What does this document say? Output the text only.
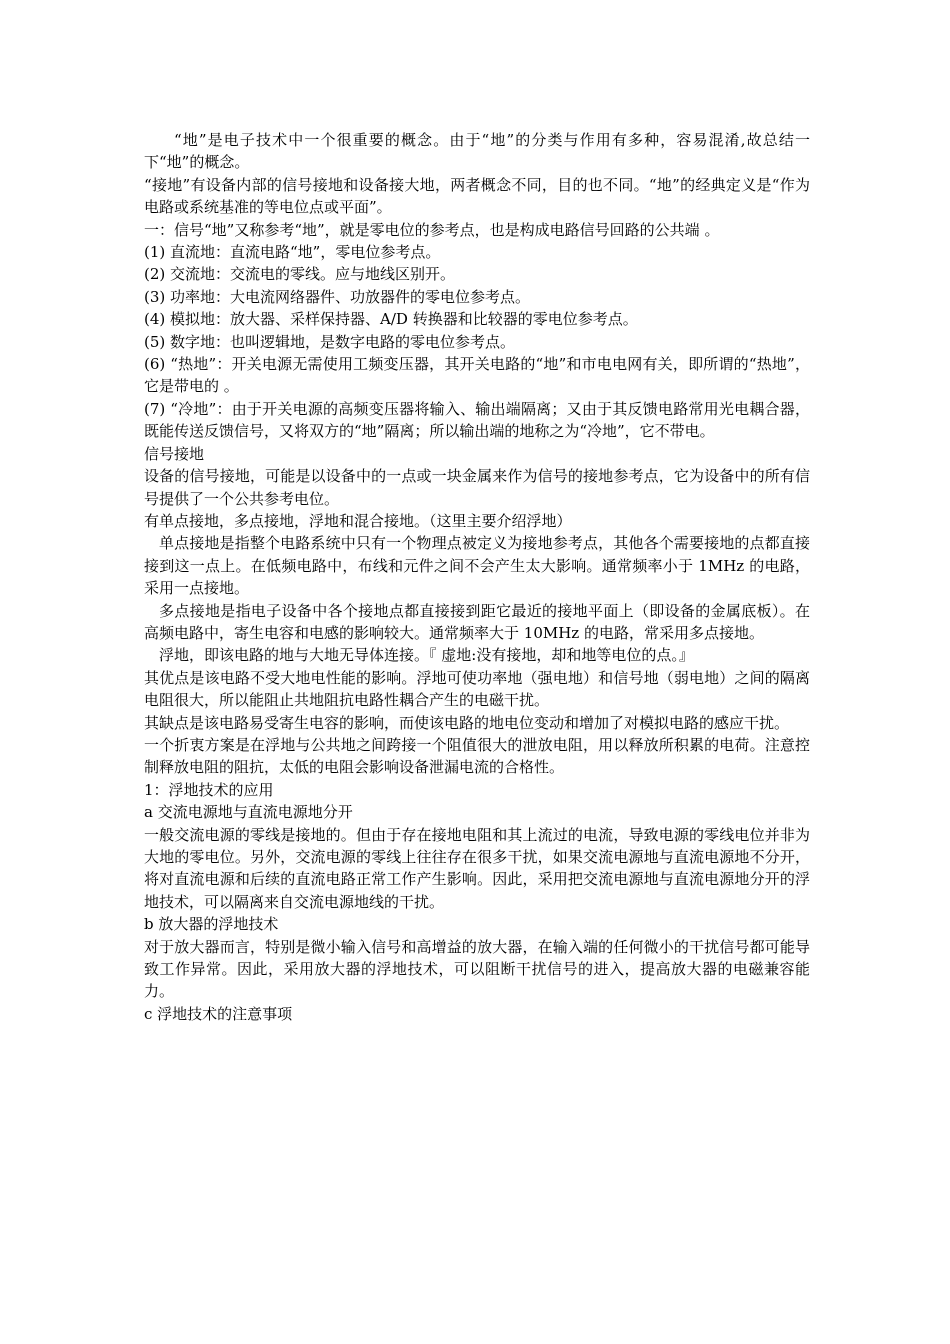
“地”是电子技术中一个很重要的概念。由于“地”的分类与作用有多种，容易混淆,故总结一下“地”的概念。

“接地”有设备内部的信号接地和设备接大地，两者概念不同，目的也不同。“地”的经典定义是“作为电路或系统基准的等电位点或平面”。

一：信号“地”又称参考“地”，就是零电位的参考点，也是构成电路信号回路的公共端 。

(1) 直流地：直流电路“地”，零电位参考点。

(2) 交流地：交流电的零线。应与地线区别开。

(3) 功率地：大电流网络器件、功放器件的零电位参考点。

(4) 模拟地：放大器、采样保持器、A/D 转换器和比较器的零电位参考点。

(5) 数字地：也叫逻辑地，是数字电路的零电位参考点。

(6) “热地”：开关电源无需使用工频变压器，其开关电路的“地”和市电电网有关，即所谓的“热地”，它是带电的 。

(7) “冷地”：由于开关电源的高频变压器将输入、输出端隔离；又由于其反馈电路常用光电耦合器，既能传送反馈信号，又将双方的“地”隔离；所以输出端的地称之为“冷地”，它不带电。

信号接地

设备的信号接地，可能是以设备中的一点或一块金属来作为信号的接地参考点，它为设备中的所有信号提供了一个公共参考电位。

有单点接地，多点接地，浮地和混合接地。（这里主要介绍浮地）

单点接地是指整个电路系统中只有一个物理点被定义为接地参考点，其他各个需要接地的点都直接接到这一点上。在低频电路中，布线和元件之间不会产生太大影响。通常频率小于 1MHz 的电路，采用一点接地。

多点接地是指电子设备中各个接地点都直接接到距它最近的接地平面上（即设备的金属底板）。在高频电路中，寄生电容和电感的影响较大。通常频率大于 10MHz 的电路，常采用多点接地。

浮地，即该电路的地与大地无导体连接。『 虚地:没有接地，却和地等电位的点。』

其优点是该电路不受大地电性能的影响。浮地可使功率地（强电地）和信号地（弱电地）之间的隔离电阻很大，所以能阻止共地阻抗电路性耦合产生的电磁干扰。

其缺点是该电路易受寄生电容的影响，而使该电路的地电位变动和增加了对模拟电路的感应干扰。

一个折衷方案是在浮地与公共地之间跨接一个阻值很大的泄放电阻，用以释放所积累的电荷。注意控制释放电阻的阻抗，太低的电阻会影响设备泄漏电流的合格性。

1：浮地技术的应用

a 交流电源地与直流电源地分开

一般交流电源的零线是接地的。但由于存在接地电阻和其上流过的电流，导致电源的零线电位并非为大地的零电位。另外，交流电源的零线上往往存在很多干扰，如果交流电源地与直流电源地不分开，将对直流电源和后续的直流电路正常工作产生影响。因此，采用把交流电源地与直流电源地分开的浮地技术，可以隔离来自交流电源地线的干扰。

b 放大器的浮地技术

对于放大器而言，特别是微小输入信号和高增益的放大器，在输入端的任何微小的干扰信号都可能导致工作异常。因此，采用放大器的浮地技术，可以阻断干扰信号的进入，提高放大器的电磁兼容能力。

c 浮地技术的注意事项
